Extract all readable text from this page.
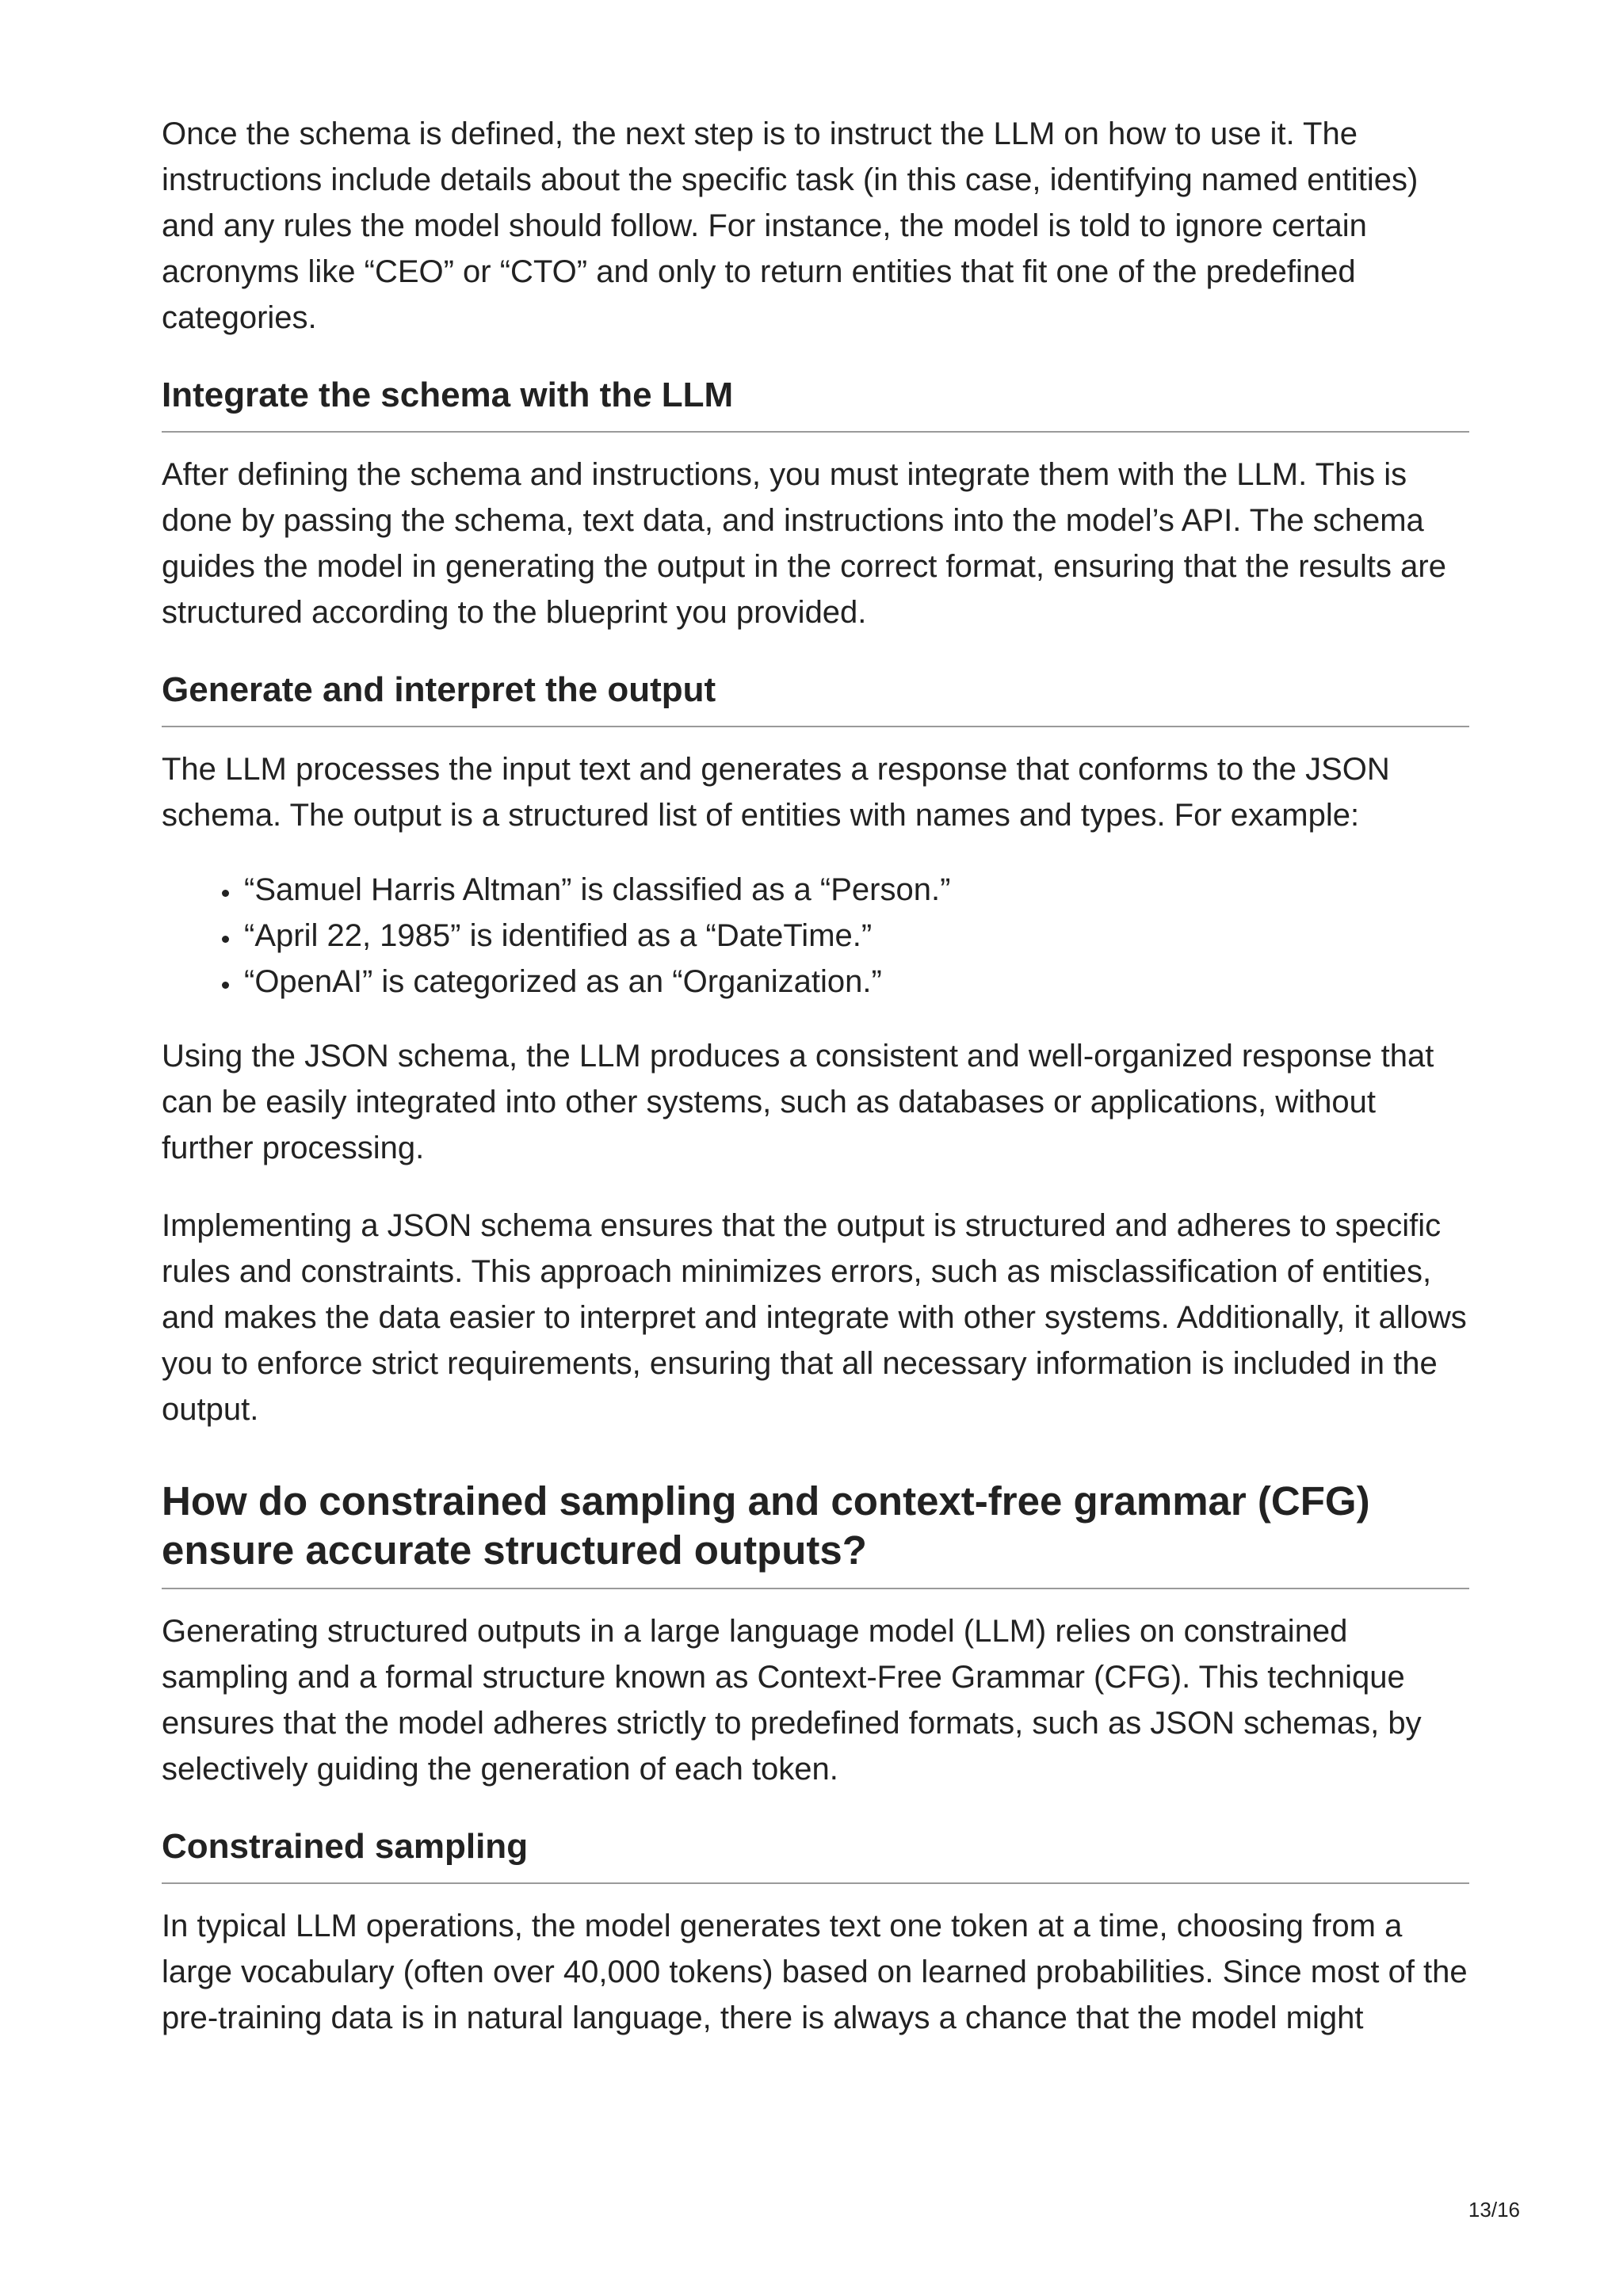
Once the schema is defined, the next step is to instruct the LLM on how to use it. The instructions include details about the specific task (in this case, identifying named entities) and any rules the model should follow. For instance, the model is told to ignore certain acronyms like “CEO” or “CTO” and only to return entities that fit one of the predefined categories.

Integrate the schema with the LLM

After defining the schema and instructions, you must integrate them with the LLM. This is done by passing the schema, text data, and instructions into the model’s API. The schema guides the model in generating the output in the correct format, ensuring that the results are structured according to the blueprint you provided.

Generate and interpret the output

The LLM processes the input text and generates a response that conforms to the JSON schema. The output is a structured list of entities with names and types. For example:

• “Samuel Harris Altman” is classified as a “Person.”
• “April 22, 1985” is identified as a “DateTime.”
• “OpenAI” is categorized as an “Organization.”

Using the JSON schema, the LLM produces a consistent and well-organized response that can be easily integrated into other systems, such as databases or applications, without further processing.

Implementing a JSON schema ensures that the output is structured and adheres to specific rules and constraints. This approach minimizes errors, such as misclassification of entities, and makes the data easier to interpret and integrate with other systems. Additionally, it allows you to enforce strict requirements, ensuring that all necessary information is included in the output.

How do constrained sampling and context-free grammar (CFG) ensure accurate structured outputs?

Generating structured outputs in a large language model (LLM) relies on constrained sampling and a formal structure known as Context-Free Grammar (CFG). This technique ensures that the model adheres strictly to predefined formats, such as JSON schemas, by selectively guiding the generation of each token.

Constrained sampling

In typical LLM operations, the model generates text one token at a time, choosing from a large vocabulary (often over 40,000 tokens) based on learned probabilities. Since most of the pre-training data is in natural language, there is always a chance that the model might

13/16
